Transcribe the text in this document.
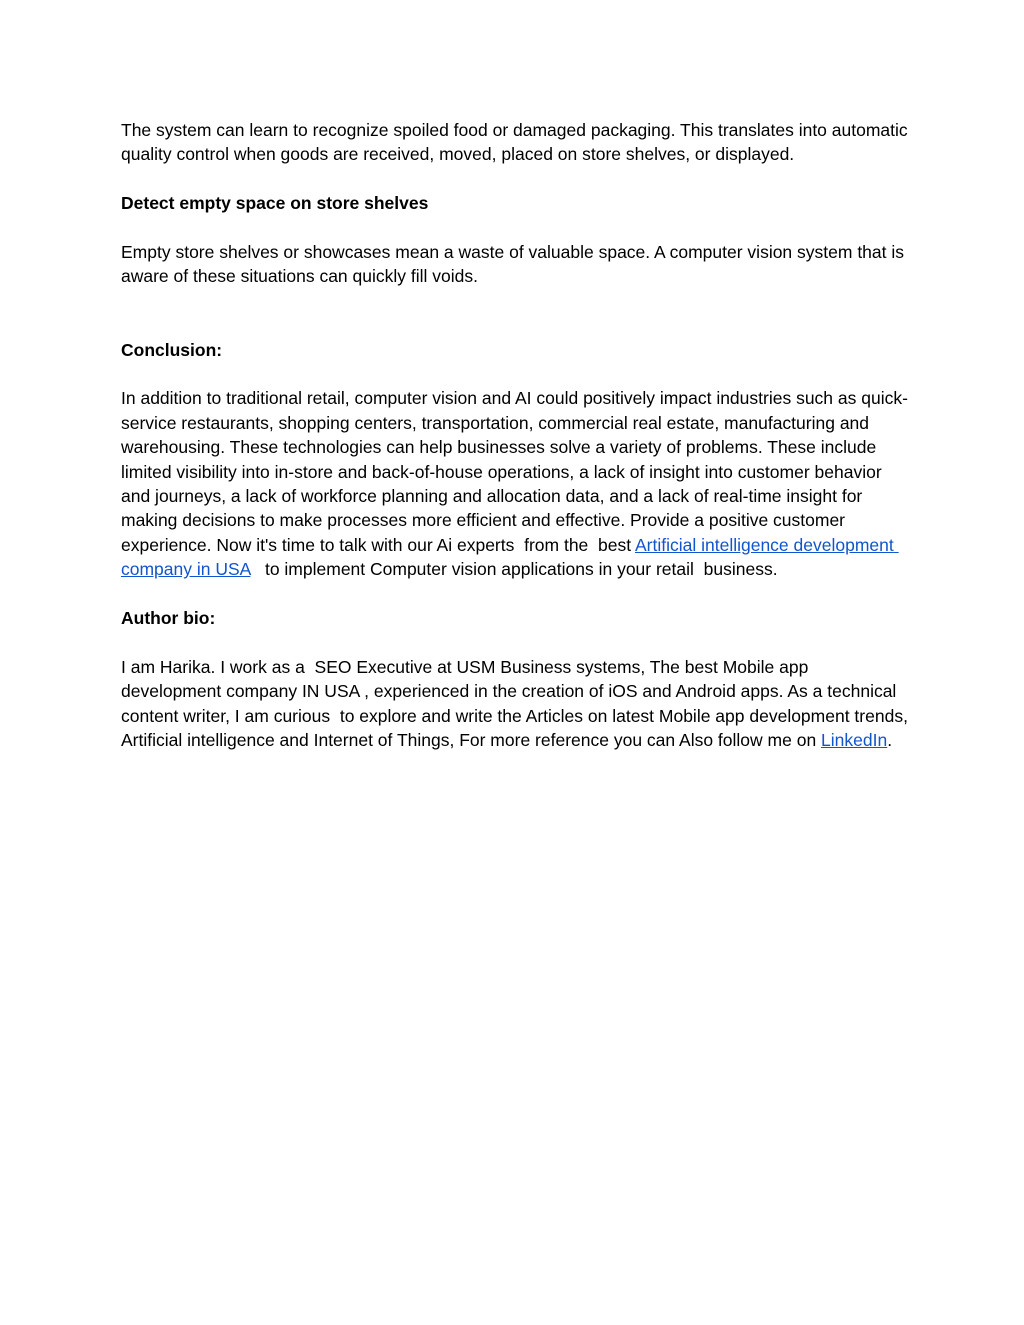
The system can learn to recognize spoiled food or damaged packaging. This translates into automatic quality control when goods are received, moved, placed on store shelves, or displayed.

Detect empty space on store shelves

Empty store shelves or showcases mean a waste of valuable space. A computer vision system that is aware of these situations can quickly fill voids.

Conclusion:

In addition to traditional retail, computer vision and AI could positively impact industries such as quick-service restaurants, shopping centers, transportation, commercial real estate, manufacturing and warehousing. These technologies can help businesses solve a variety of problems. These include limited visibility into in-store and back-of-house operations, a lack of insight into customer behavior and journeys, a lack of workforce planning and allocation data, and a lack of real-time insight for making decisions to make processes more efficient and effective. Provide a positive customer experience. Now it's time to talk with our Ai experts  from the  best Artificial intelligence development company in USA   to implement Computer vision applications in your retail  business.

Author bio:

I am Harika. I work as a  SEO Executive at USM Business systems, The best Mobile app development company IN USA , experienced in the creation of iOS and Android apps. As a technical content writer, I am curious  to explore and write the Articles on latest Mobile app development trends, Artificial intelligence and Internet of Things, For more reference you can Also follow me on LinkedIn.
